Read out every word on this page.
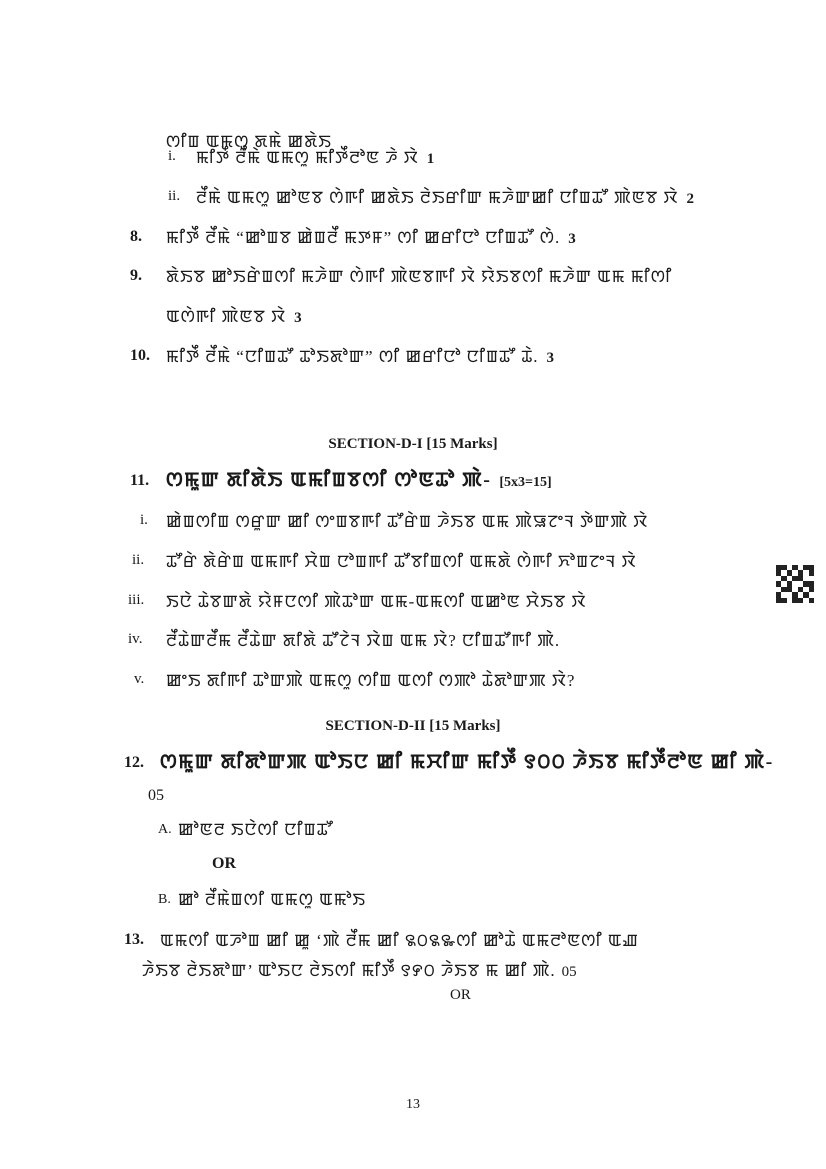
ꯁꯤꯡ ꯑꯃꯁꯨ ꯗꯃꯥ ꯀꯗꯥꯏ
i. ꯃꯤꯇꯩ ꯂꯩꯃꯥ ꯑꯃꯁꯨ ꯃꯤꯇꯩꯂꯣꯟ ꯍꯥ ꯋꯥ 1
ii. ꯂꯩꯃꯥ ꯑꯃꯁꯨ ꯀꯣꯟꯕ ꯁꯥꯒꯤ ꯀꯗꯥꯏ ꯂꯥꯏꯔꯤꯛ ꯃꯍꯥꯛꯀꯤ ꯅꯤꯡꯊꯧ ꯄꯥꯟꯕ ꯋꯥ 2
8. ꯃꯤꯇꯩ ꯂꯩꯃꯥ “ꯀꯣꯡꯕ ꯀꯥꯡꯂꯩ ꯃꯇꯝ” ꯁꯤ ꯀꯔꯤꯅꯣ ꯅꯤꯡꯊꯧ ꯁꯥ. 3
9. ꯗꯥꯏꯕ ꯀꯣꯏꯔꯥꯡꯁꯤ ꯃꯍꯥꯛ ꯁꯥꯒꯤ ꯄꯥꯟꯕꯒꯤ ꯋꯥ ꯌꯥꯏꯕꯁꯤ ꯃꯍꯥꯛ ꯑꯃ ꯃꯤꯁꯤ
ꯑꯁꯥꯒꯤ ꯄꯥꯟꯕ ꯋꯥ 3
10. ꯃꯤꯇꯩ ꯂꯩꯃꯥ “ꯅꯤꯡꯊꯧ ꯊꯣꯏꯗꯣꯛ” ꯁꯤ ꯀꯔꯤꯅꯣ ꯅꯤꯡꯊꯧ ꯊꯥ. 3
SECTION-D-I [15 Marks]
11. ꯁꯃꯨꯛ ꯗꯤꯗꯥꯏ ꯑꯃꯤꯡꯕꯁꯤ ꯁꯣꯟꯊꯣ ꯄꯥ- [5x3=15]
i. ꯀꯥꯡꯁꯤꯡ ꯁꯔꯨꯛ ꯀꯤ ꯁꯦꯡꯕꯒꯤ ꯊꯧꯔꯥꯡ ꯍꯥꯏꯕ ꯑꯃ ꯄꯥꯎꯖꯦꯜ ꯇꯥꯛꯄꯥ ꯋꯥ
ii. ꯊꯧꯔꯥ ꯗꯥꯔꯥꯡ ꯑꯃꯒꯤ ꯆꯥꯡ ꯅꯣꯡꯒꯤ ꯊꯧꯕꯤꯡꯁꯤ ꯑꯃꯗꯥ ꯁꯥꯒꯤ ꯈꯣꯡꯖꯦꯜ ꯋꯥ
iii. ꯏꯅꯥ ꯊꯥꯕꯛꯗꯥ ꯌꯥꯝꯅꯁꯤ ꯄꯥꯊꯣꯛ ꯑꯃ-ꯑꯃꯁꯤ ꯑꯀꯣꯟ ꯆꯥꯏꯕ ꯋꯥ
iv. ꯂꯩꯊꯥꯛꯂꯩꯃ ꯂꯩꯊꯥꯛ ꯗꯤꯗꯥ ꯊꯧꯖꯥꯜ ꯋꯥꯡ ꯑꯃ ꯋꯥ? ꯅꯤꯡꯊꯧꯒꯤ ꯄꯥ.
v. ꯀꯦꯏ ꯗꯤꯒꯤ ꯊꯣꯛꯄꯥ ꯑꯃꯁꯨ ꯁꯤꯡ ꯑꯁꯤ ꯁꯄꯣ ꯊꯥꯗꯣꯛꯄ ꯋꯥ?
SECTION-D-II [15 Marks]
12. ꯁꯃꯨꯛ ꯗꯤꯗꯣꯛꯄ ꯑꯣꯏꯅ ꯀꯤ ꯃꯆꯤꯛ ꯃꯤꯇꯩ ꯱꯰꯰ ꯍꯥꯏꯕ ꯃꯤꯇꯩꯂꯣꯟ ꯀꯤ ꯄꯥ-
05
A. ꯀꯣꯟꯂ ꯏꯅꯥꯁꯤ ꯅꯤꯡꯊꯧ
OR
B. ꯀꯣ ꯂꯩꯃꯥꯡꯁꯤ ꯑꯃꯁꯨ ꯑꯃꯣꯏ
13. ꯑꯃꯁꯤ ꯑꯍꯣꯡ ꯀꯤ ꯀꯨ ‘ꯄꯥ ꯂꯩꯃ ꯀꯤ ꯲꯰꯲꯳ꯁꯤ ꯀꯣꯊꯥ ꯑꯃꯂꯣꯟꯁꯤ ꯑꯉ
ꯍꯥꯏꯕ ꯂꯥꯏꯗꯣꯛ’ ꯑꯣꯏꯅ ꯂꯥꯏꯁꯤ ꯃꯤꯇꯩ ꯱꯸꯰ ꯍꯥꯏꯕ ꯃ ꯀꯤ ꯄꯥ. 05
OR
13
